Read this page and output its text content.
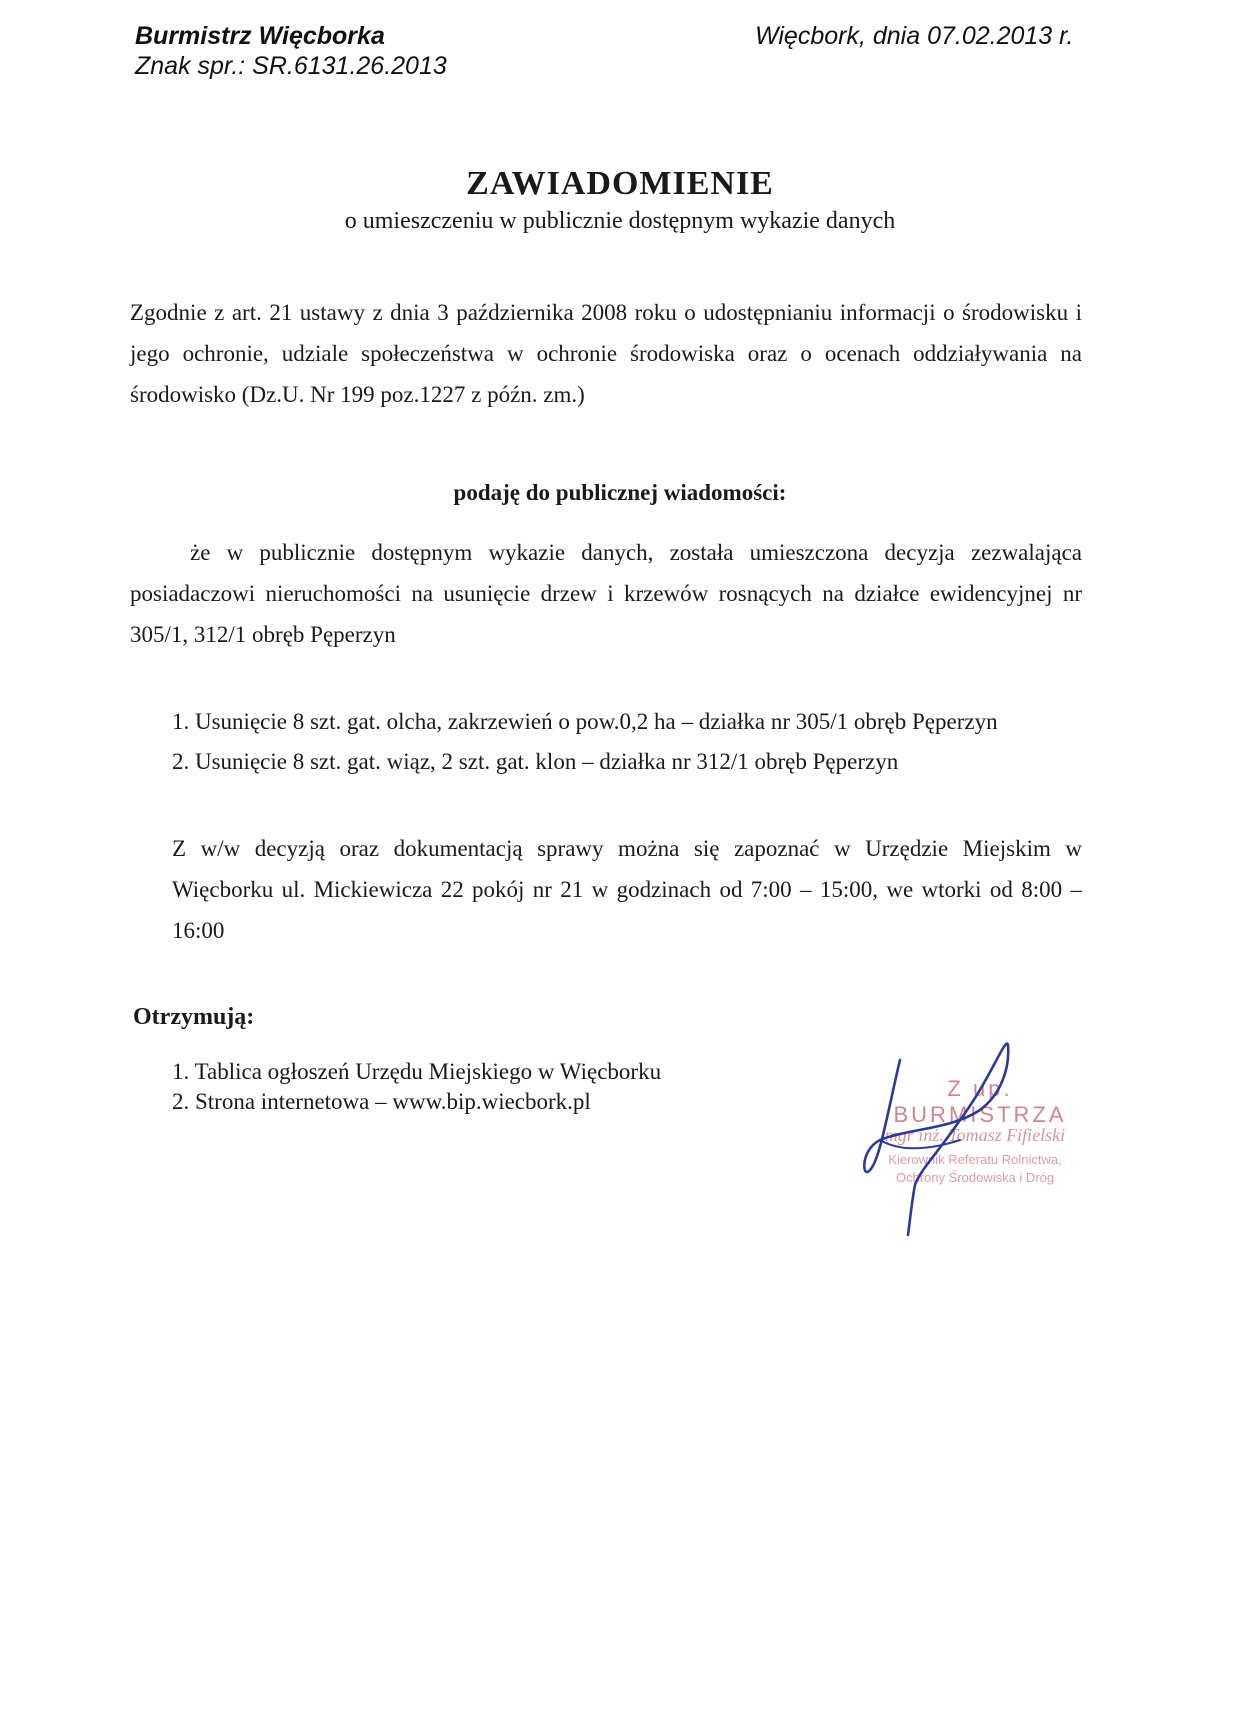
Burmistrz Więcborka
Znak spr.: SR.6131.26.2013
Więcbork, dnia 07.02.2013 r.
ZAWIADOMIENIE
o umieszczeniu w publicznie dostępnym wykazie danych
Zgodnie z art. 21 ustawy z dnia 3 października 2008 roku o udostępnianiu informacji o środowisku i jego ochronie, udziale społeczeństwa w ochronie środowiska oraz o ocenach oddziaływania na środowisko (Dz.U. Nr 199 poz.1227 z późn. zm.)
podaję do publicznej wiadomości:
że w publicznie dostępnym wykazie danych, została umieszczona decyzja zezwalająca posiadaczowi nieruchomości na usunięcie drzew i krzewów rosnących na działce ewidencyjnej nr 305/1, 312/1 obręb Pęperzyn
1. Usunięcie 8 szt. gat. olcha, zakrzewień o pow.0,2 ha – działka nr 305/1 obręb Pęperzyn
2. Usunięcie 8 szt. gat. wiąz, 2 szt. gat. klon – działka nr 312/1 obręb Pęperzyn
Z w/w decyzją oraz dokumentacją sprawy można się zapoznać w Urzędzie Miejskim w Więcborku ul. Mickiewicza 22 pokój nr 21 w godzinach od 7:00 – 15:00, we wtorki od 8:00 – 16:00
Otrzymują:
1. Tablica ogłoszeń Urzędu Miejskiego w Więcborku
2. Strona internetowa – www.bip.wiecbork.pl
Z up. BURMISTRZA
mgr inż. Tomasz Fifielski
Kierownik Referatu Rolnictwa,
Ochrony Środowiska i Dróg
